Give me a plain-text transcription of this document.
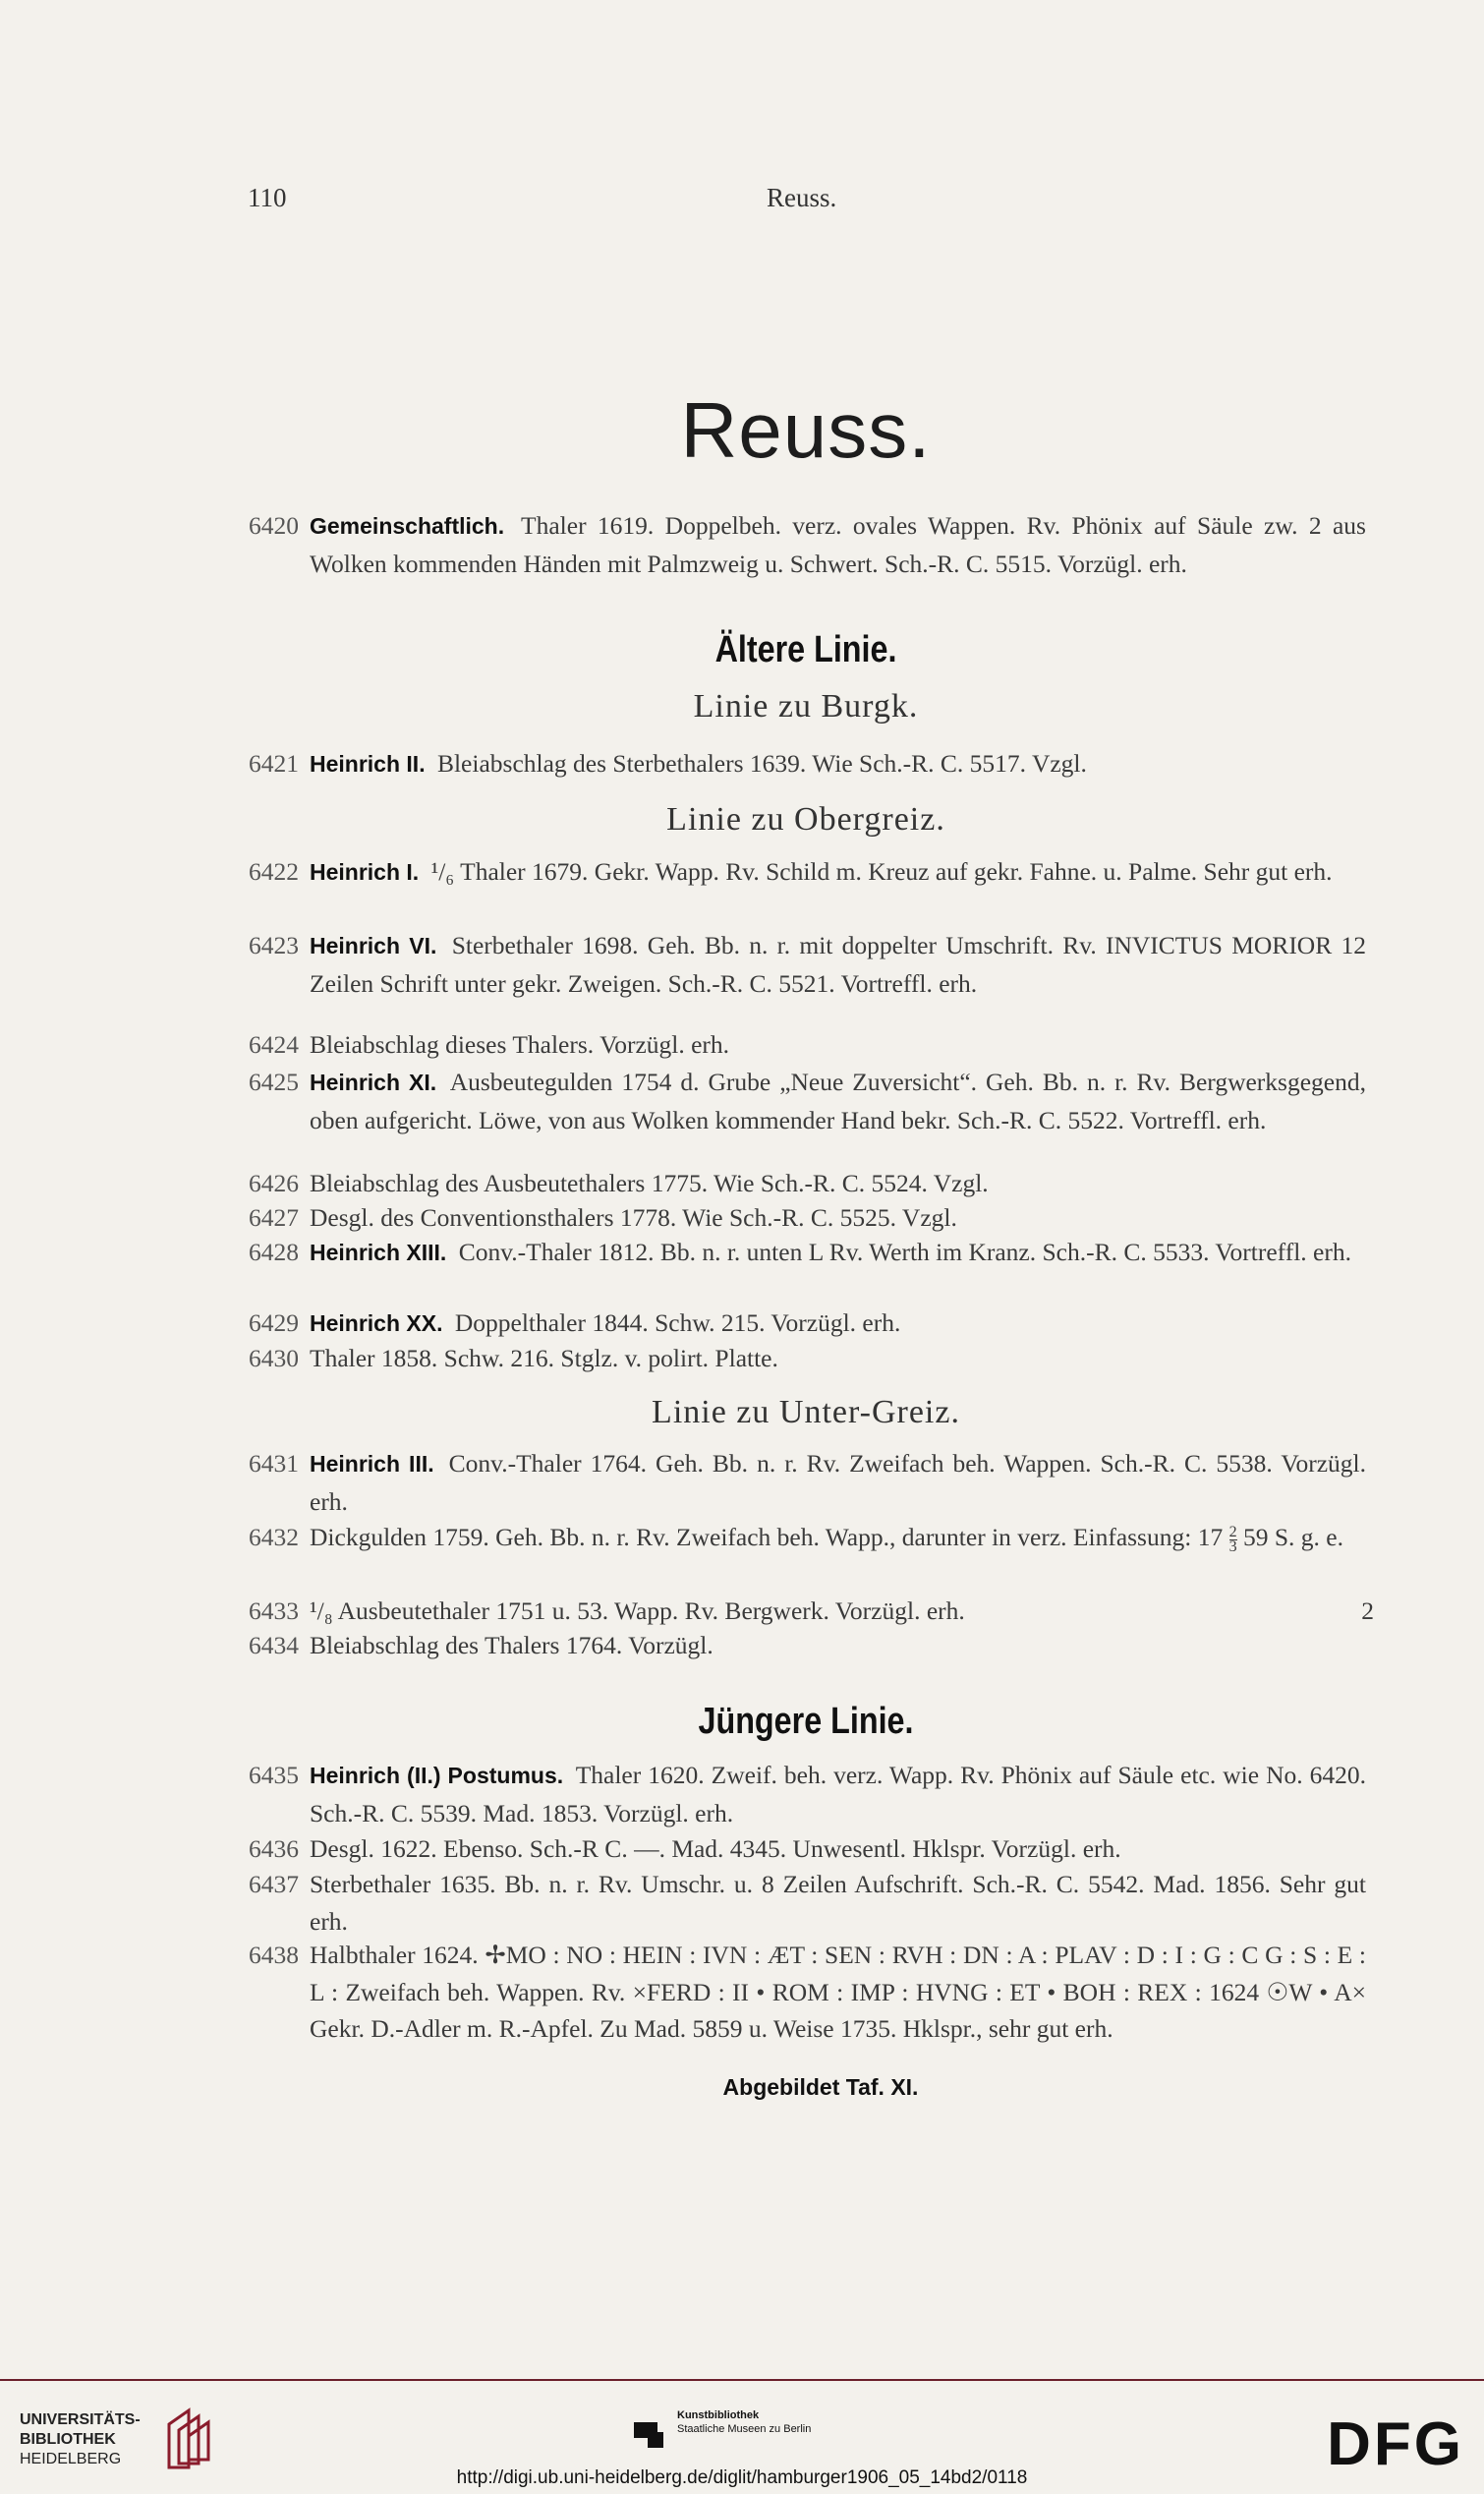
110	Reuss.
Reuss.
6420 Gemeinschaftlich. Thaler 1619. Doppelbeh. verz. ovales Wappen. Rv. Phönix auf Säule zw. 2 aus Wolken kommenden Händen mit Palmzweig u. Schwert. Sch.-R. C. 5515. Vorzügl. erh.
Ältere Linie.
Linie zu Burgk.
6421 Heinrich II. Bleiabschlag des Sterbethalers 1639. Wie Sch.-R. C. 5517. Vzgl.
Linie zu Obergreiz.
6422 Heinrich I. ¹/₆ Thaler 1679. Gekr. Wapp. Rv. Schild m. Kreuz auf gekr. Fahne. u. Palme. Sehr gut erh.
6423 Heinrich VI. Sterbethaler 1698. Geh. Bb. n. r. mit doppelter Umschrift. Rv. INVICTUS MORIOR 12 Zeilen Schrift unter gekr. Zweigen. Sch.-R. C. 5521. Vortreffl. erh.
6424 Bleiabschlag dieses Thalers. Vorzügl. erh.
6425 Heinrich XI. Ausbeutegulden 1754 d. Grube „Neue Zuversicht“. Geh. Bb. n. r. Rv. Bergwerksgegend, oben aufgericht. Löwe, von aus Wolken kommender Hand bekr. Sch.-R. C. 5522. Vortreffl. erh.
6426 Bleiabschlag des Ausbeutethalers 1775. Wie Sch.-R. C. 5524. Vzgl.
6427 Desgl. des Conventionsthalers 1778. Wie Sch.-R. C. 5525. Vzgl.
6428 Heinrich XIII. Conv.-Thaler 1812. Bb. n. r. unten L Rv. Werth im Kranz. Sch.-R. C. 5533. Vortreffl. erh.
6429 Heinrich XX. Doppelthaler 1844. Schw. 215. Vorzügl. erh.
6430 Thaler 1858. Schw. 216. Stglz. v. polirt. Platte.
Linie zu Unter-Greiz.
6431 Heinrich III. Conv.-Thaler 1764. Geh. Bb. n. r. Rv. Zweifach beh. Wappen. Sch.-R. C. 5538. Vorzügl. erh.
6432 Dickgulden 1759. Geh. Bb. n. r. Rv. Zweifach beh. Wapp., darunter in verz. Einfassung: $17 \frac{2}{3} 59$ S. g. e.
6433 ¹/₈ Ausbeutethaler 1751 u. 53. Wapp. Rv. Bergwerk. Vorzügl. erh.	2
6434 Bleiabschlag des Thalers 1764. Vorzügl.
Jüngere Linie.
6435 Heinrich (II.) Postumus. Thaler 1620. Zweif. beh. verz. Wapp. Rv. Phönix auf Säule etc. wie No. 6420. Sch.-R. C. 5539. Mad. 1853. Vorzügl. erh.
6436 Desgl. 1622. Ebenso. Sch.-R C. —. Mad. 4345. Unwesentl. Hklspr. Vorzügl. erh.
6437 Sterbethaler 1635. Bb. n. r. Rv. Umschr. u. 8 Zeilen Aufschrift. Sch.-R. C. 5542. Mad. 1856. Sehr gut erh.
6438 Halbthaler 1624. ✢MO : NO : HEIN : IVN : ÆT : SEN : RVH : DN : A : PLAV : D : I : G : C G : S : E : L : Zweifach beh. Wappen. Rv. ×FERD : II • ROM : IMP : HVNG : ET • BOH : REX : 1624 ☉W • A× Gekr. D.-Adler m. R.-Apfel. Zu Mad. 5859 u. Weise 1735. Hklspr., sehr gut erh.
Abgebildet Taf. XI.
UNIVERSITÄTS-
BIBLIOTHEK
HEIDELBERG
Kunstbibliothek
Staatliche Museen zu Berlin	DFG
http://digi.ub.uni-heidelberg.de/diglit/hamburger1906_05_14bd2/0118
